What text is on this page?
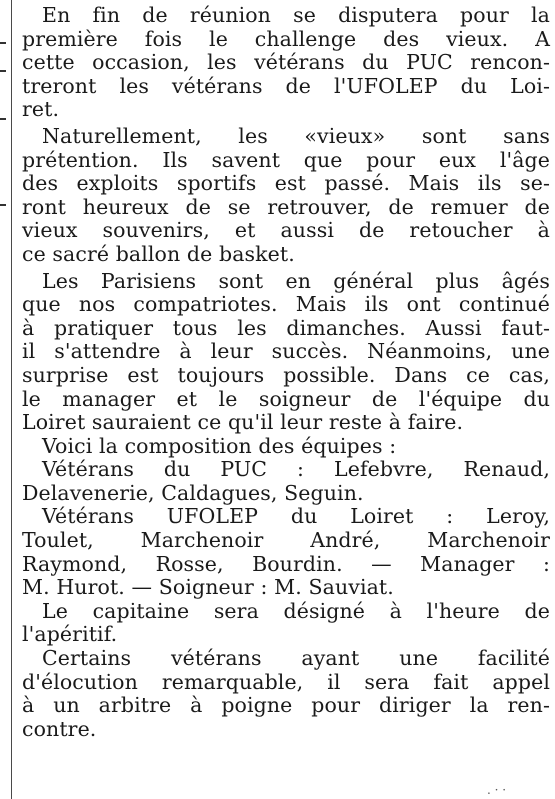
En fin de réunion se disputera pour la
première fois le challenge des vieux. A
cette occasion, les vétérans du PUC rencon-
treront les vétérans de l'UFOLEP du Loi-
ret.

Naturellement, les «vieux» sont sans
prétention. Ils savent que pour eux l'âge
des exploits sportifs est passé. Mais ils se-
ront heureux de se retrouver, de remuer de
vieux souvenirs, et aussi de retoucher à
ce sacré ballon de basket.

Les Parisiens sont en général plus âgés
que nos compatriotes. Mais ils ont continué
à pratiquer tous les dimanches. Aussi faut-
il s'attendre à leur succès. Néanmoins, une
surprise est toujours possible. Dans ce cas,
le manager et le soigneur de l'équipe du
Loiret sauraient ce qu'il leur reste à faire.

Voici la composition des équipes :

Vétérans du PUC : Lefebvre, Renaud,
Delavenerie, Caldagues, Seguin.

Vétérans UFOLEP du Loiret : Leroy,
Toulet, Marchenoir André, Marchenoir
Raymond, Rosse, Bourdin. — Manager :
M. Hurot. — Soigneur : M. Sauviat.

Le capitaine sera désigné à l'heure de
l'apéritif.

Certains vétérans ayant une facilité
d'élocution remarquable, il sera fait appel
à un arbitre à poigne pour diriger la ren-
contre.

. · ·
